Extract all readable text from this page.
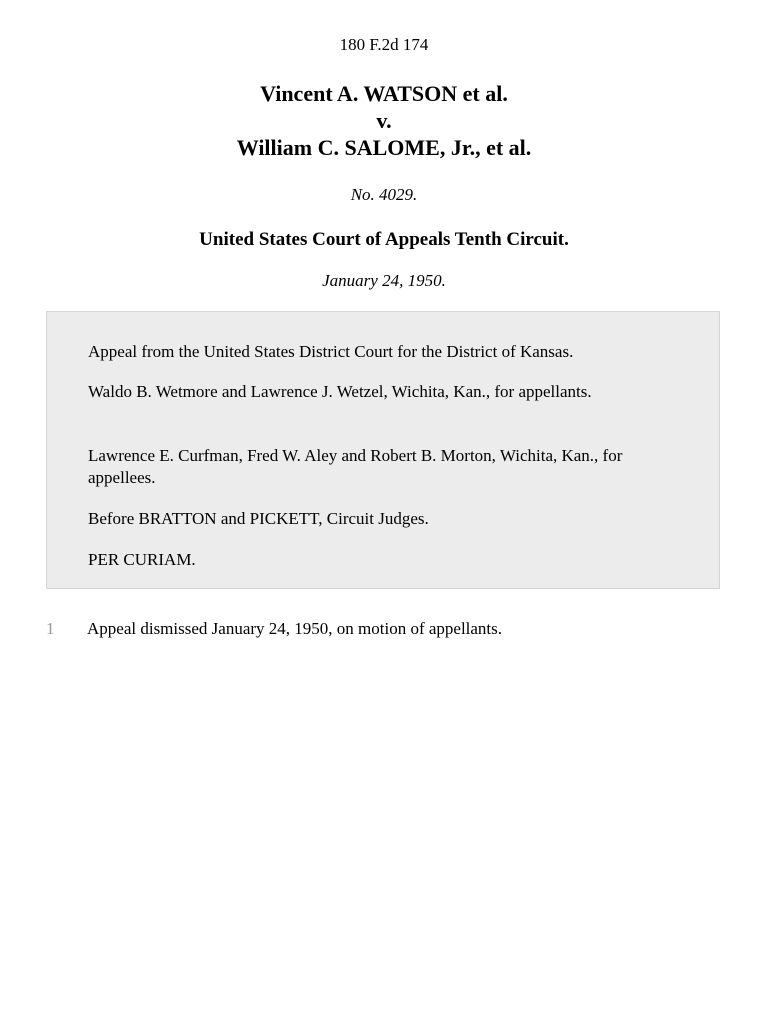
180 F.2d 174
Vincent A. WATSON et al.
v.
William C. SALOME, Jr., et al.
No. 4029.
United States Court of Appeals Tenth Circuit.
January 24, 1950.
Appeal from the United States District Court for the District of Kansas.
Waldo B. Wetmore and Lawrence J. Wetzel, Wichita, Kan., for appellants.
Lawrence E. Curfman, Fred W. Aley and Robert B. Morton, Wichita, Kan., for appellees.
Before BRATTON and PICKETT, Circuit Judges.
PER CURIAM.
1 Appeal dismissed January 24, 1950, on motion of appellants.
